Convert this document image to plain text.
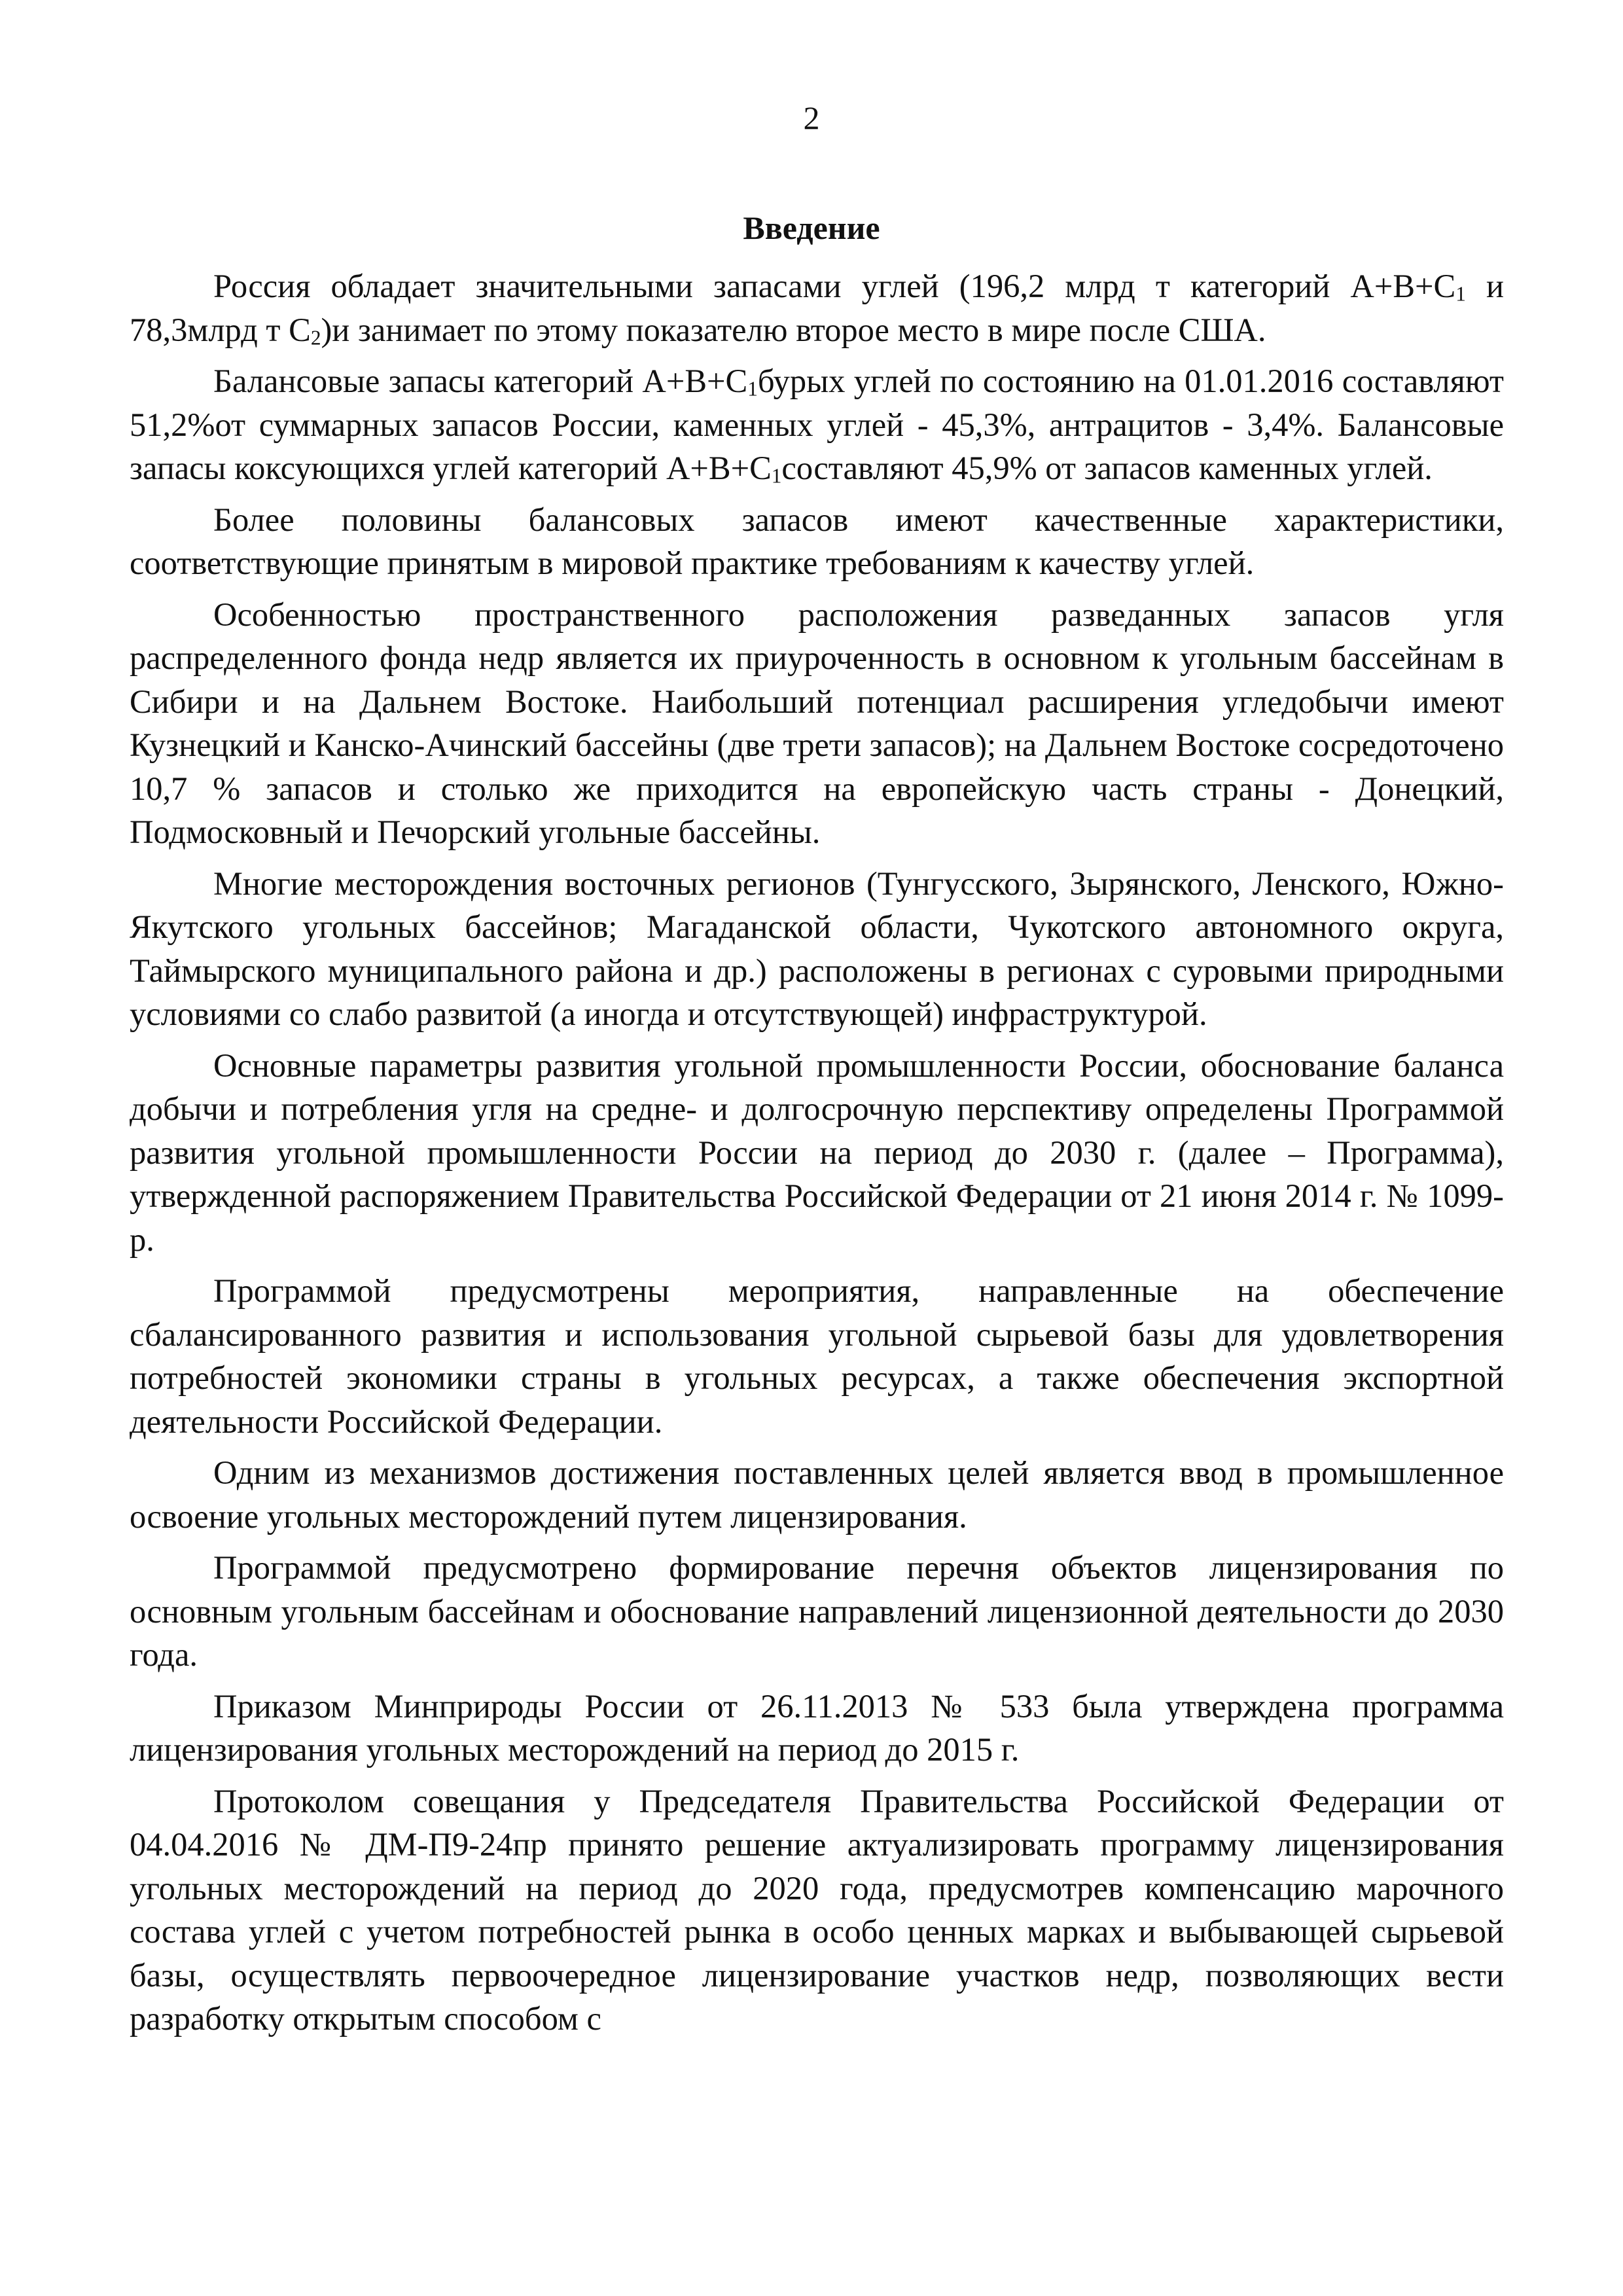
2
Введение

Россия обладает значительными запасами углей (196,2 млрд т категорий $А+В+С_1$ и 78,3млрд т $С_2)и$ занимает по этому показателю второе место в мире после США.

Балансовые запасы категорий $А+В+С_1бурых$ углей по состоянию на 01.01.2016 составляют 51,2%от суммарных запасов России, каменных углей - 45,3%, антрацитов - 3,4%. Балансовые запасы коксующихся углей категорий $А+В+С_1составляют$ 45,9% от запасов каменных углей.

Более половины балансовых запасов имеют качественные характеристики, соответствующие принятым в мировой практике требованиям к качеству углей.

Особенностью пространственного расположения разведанных запасов угля распределенного фонда недр является их приуроченность в основном к угольным бассейнам в Сибири и на Дальнем Востоке. Наибольший потенциал расширения угледобычи имеют Кузнецкий и Канско-Ачинский бассейны (две трети запасов); на Дальнем Востоке сосредоточено 10,7 % запасов и столько же приходится на европейскую часть страны - Донецкий, Подмосковный и Печорский угольные бассейны.

Многие месторождения восточных регионов (Тунгусского, Зырянского, Ленского, Южно-Якутского угольных бассейнов; Магаданской области, Чукотского автономного округа, Таймырского муниципального района и др.) расположены в регионах с суровыми природными условиями со слабо развитой (а иногда и отсутствующей) инфраструктурой.

Основные параметры развития угольной промышленности России, обоснование баланса добычи и потребления угля на средне- и долгосрочную перспективу определены Программой развития угольной промышленности России на период до 2030 г. (далее – Программа), утвержденной распоряжением Правительства Российской Федерации от 21 июня 2014 г. № 1099-р.

Программой предусмотрены мероприятия, направленные на обеспечение сбалансированного развития и использования угольной сырьевой базы для удовлетворения потребностей экономики страны в угольных ресурсах, а также обеспечения экспортной деятельности Российской Федерации.

Одним из механизмов достижения поставленных целей является ввод в промышленное освоение угольных месторождений путем лицензирования.

Программой предусмотрено формирование перечня объектов лицензирования по основным угольным бассейнам и обоснование направлений лицензионной деятельности до 2030 года.

Приказом Минприроды России от 26.11.2013 № 533 была утверждена программа лицензирования угольных месторождений на период до 2015 г.

Протоколом совещания у Председателя Правительства Российской Федерации от 04.04.2016 № ДМ-П9-24пр принято решение актуализировать программу лицензирования угольных месторождений на период до 2020 года, предусмотрев компенсацию марочного состава углей с учетом потребностей рынка в особо ценных марках и выбывающей сырьевой базы, осуществлять первоочередное лицензирование участков недр, позволяющих вести разработку открытым способом с
